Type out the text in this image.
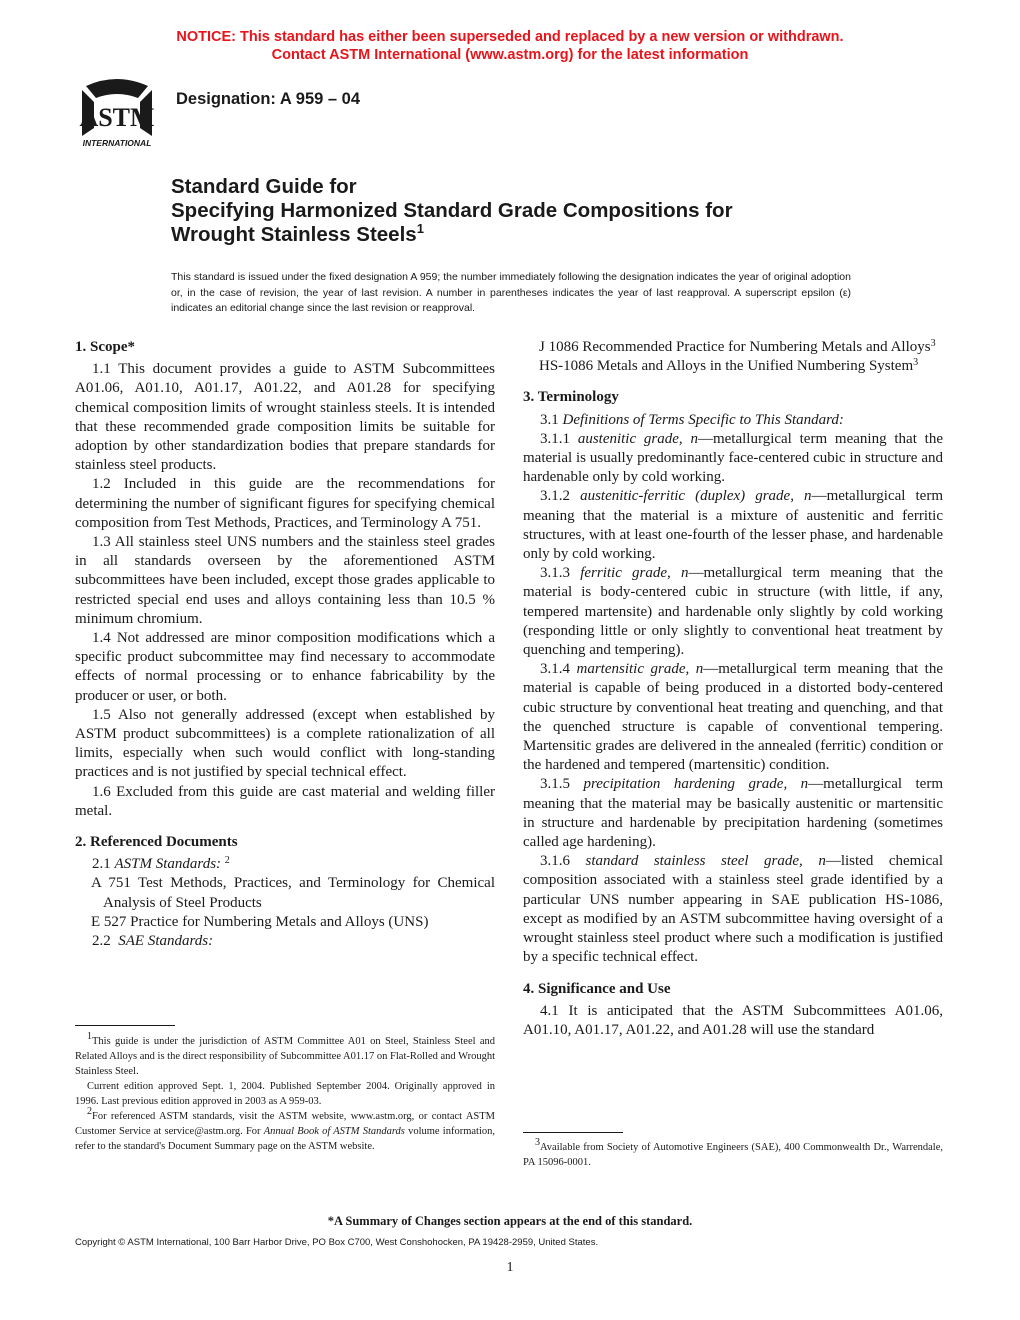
NOTICE: This standard has either been superseded and replaced by a new version or withdrawn.
Contact ASTM International (www.astm.org) for the latest information
ASTM
INTERNATIONAL
Designation: A 959 – 04
Standard Guide for
Specifying Harmonized Standard Grade Compositions for
Wrought Stainless Steels$^1$
This standard is issued under the fixed designation A 959; the number immediately following the designation indicates the year of original adoption or, in the case of revision, the year of last revision. A number in parentheses indicates the year of last reapproval. A superscript epsilon (ε) indicates an editorial change since the last revision or reapproval.

1. Scope*

1.1 This document provides a guide to ASTM Subcommittees A01.06, A01.10, A01.17, A01.22, and A01.28 for specifying chemical composition limits of wrought stainless steels. It is intended that these recommended grade composition limits be suitable for adoption by other standardization bodies that prepare standards for stainless steel products.

1.2 Included in this guide are the recommendations for determining the number of significant figures for specifying chemical composition from Test Methods, Practices, and Terminology A 751.

1.3 All stainless steel UNS numbers and the stainless steel grades in all standards overseen by the aforementioned ASTM subcommittees have been included, except those grades applicable to restricted special end uses and alloys containing less than 10.5 % minimum chromium.

1.4 Not addressed are minor composition modifications which a specific product subcommittee may find necessary to accommodate effects of normal processing or to enhance fabricability by the producer or user, or both.

1.5 Also not generally addressed (except when established by ASTM product subcommittees) is a complete rationalization of all limits, especially when such would conflict with long-standing practices and is not justified by special technical effect.

1.6 Excluded from this guide are cast material and welding filler metal.

2. Referenced Documents

2.1 ASTM Standards: $^2$

A 751 Test Methods, Practices, and Terminology for Chemical Analysis of Steel Products

E 527 Practice for Numbering Metals and Alloys (UNS)

2.2 SAE Standards:

$^1$This guide is under the jurisdiction of ASTM Committee A01 on Steel, Stainless Steel and Related Alloys and is the direct responsibility of Subcommittee A01.17 on Flat-Rolled and Wrought Stainless Steel.

Current edition approved Sept. 1, 2004. Published September 2004. Originally approved in 1996. Last previous edition approved in 2003 as A 959-03.

$^2$For referenced ASTM standards, visit the ASTM website, www.astm.org, or contact ASTM Customer Service at service@astm.org. For Annual Book of ASTM Standards volume information, refer to the standard's Document Summary page on the ASTM website.

J 1086 Recommended Practice for Numbering Metals and Alloys$^3$

HS-1086 Metals and Alloys in the Unified Numbering System$^3$

3. Terminology

3.1 Definitions of Terms Specific to This Standard:

3.1.1 austenitic grade, n—metallurgical term meaning that the material is usually predominantly face-centered cubic in structure and hardenable only by cold working.

3.1.2 austenitic-ferritic (duplex) grade, n—metallurgical term meaning that the material is a mixture of austenitic and ferritic structures, with at least one-fourth of the lesser phase, and hardenable only by cold working.

3.1.3 ferritic grade, n—metallurgical term meaning that the material is body-centered cubic in structure (with little, if any, tempered martensite) and hardenable only slightly by cold working (responding little or only slightly to conventional heat treatment by quenching and tempering).

3.1.4 martensitic grade, n—metallurgical term meaning that the material is capable of being produced in a distorted body-centered cubic structure by conventional heat treating and quenching, and that the quenched structure is capable of conventional tempering. Martensitic grades are delivered in the annealed (ferritic) condition or the hardened and tempered (martensitic) condition.

3.1.5 precipitation hardening grade, n—metallurgical term meaning that the material may be basically austenitic or martensitic in structure and hardenable by precipitation hardening (sometimes called age hardening).

3.1.6 standard stainless steel grade, n—listed chemical composition associated with a stainless steel grade identified by a particular UNS number appearing in SAE publication HS-1086, except as modified by an ASTM subcommittee having oversight of a wrought stainless steel product where such a modification is justified by a specific technical effect.

4. Significance and Use

4.1 It is anticipated that the ASTM Subcommittees A01.06, A01.10, A01.17, A01.22, and A01.28 will use the standard

$^3$Available from Society of Automotive Engineers (SAE), 400 Commonwealth Dr., Warrendale, PA 15096-0001.

*A Summary of Changes section appears at the end of this standard.
Copyright © ASTM International, 100 Barr Harbor Drive, PO Box C700, West Conshohocken, PA 19428-2959, United States.
1
